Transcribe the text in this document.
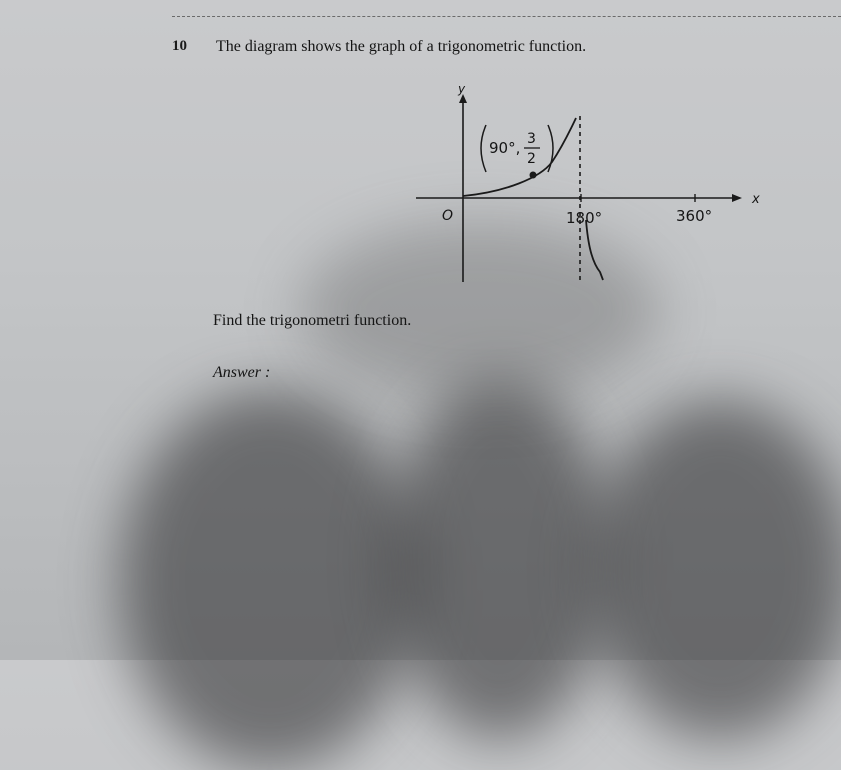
10 The diagram shows the graph of a trigonometric function.
y
x
O	180°	360°
90°, 3
2
Find the trigonometri function.
Answer :
